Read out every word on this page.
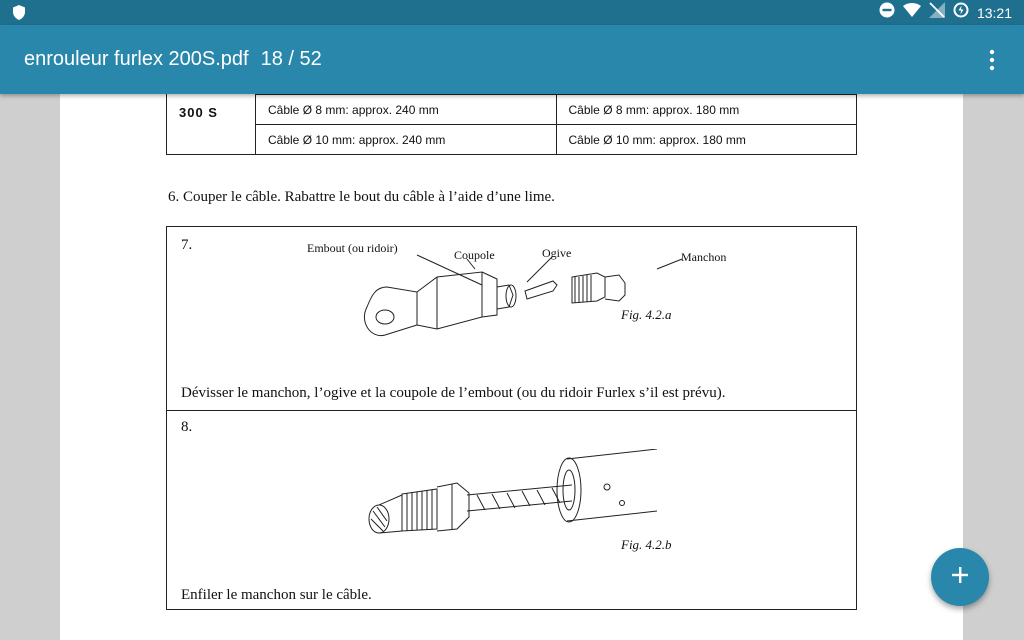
13:21
enrouleur furlex 200S.pdf 18 / 52
300 S		

	Câble Ø 8 mm: approx. 240 mm	Câble Ø 8 mm: approx. 180 mm
	Câble Ø 10 mm: approx. 240 mm	Câble Ø 10 mm: approx. 180 mm
6. Couper le câble. Rabattre le bout du câble à l’aide d’une lime.
7.	Embout (ou ridoir)	Coupole	Ogive	Manchon
Fig. 4.2.a
Dévisser le manchon, l’ogive et la coupole de l’embout (ou du ridoir Furlex s’il est prévu).
8.
Fig. 4.2.b
Enfiler le manchon sur le câble.
